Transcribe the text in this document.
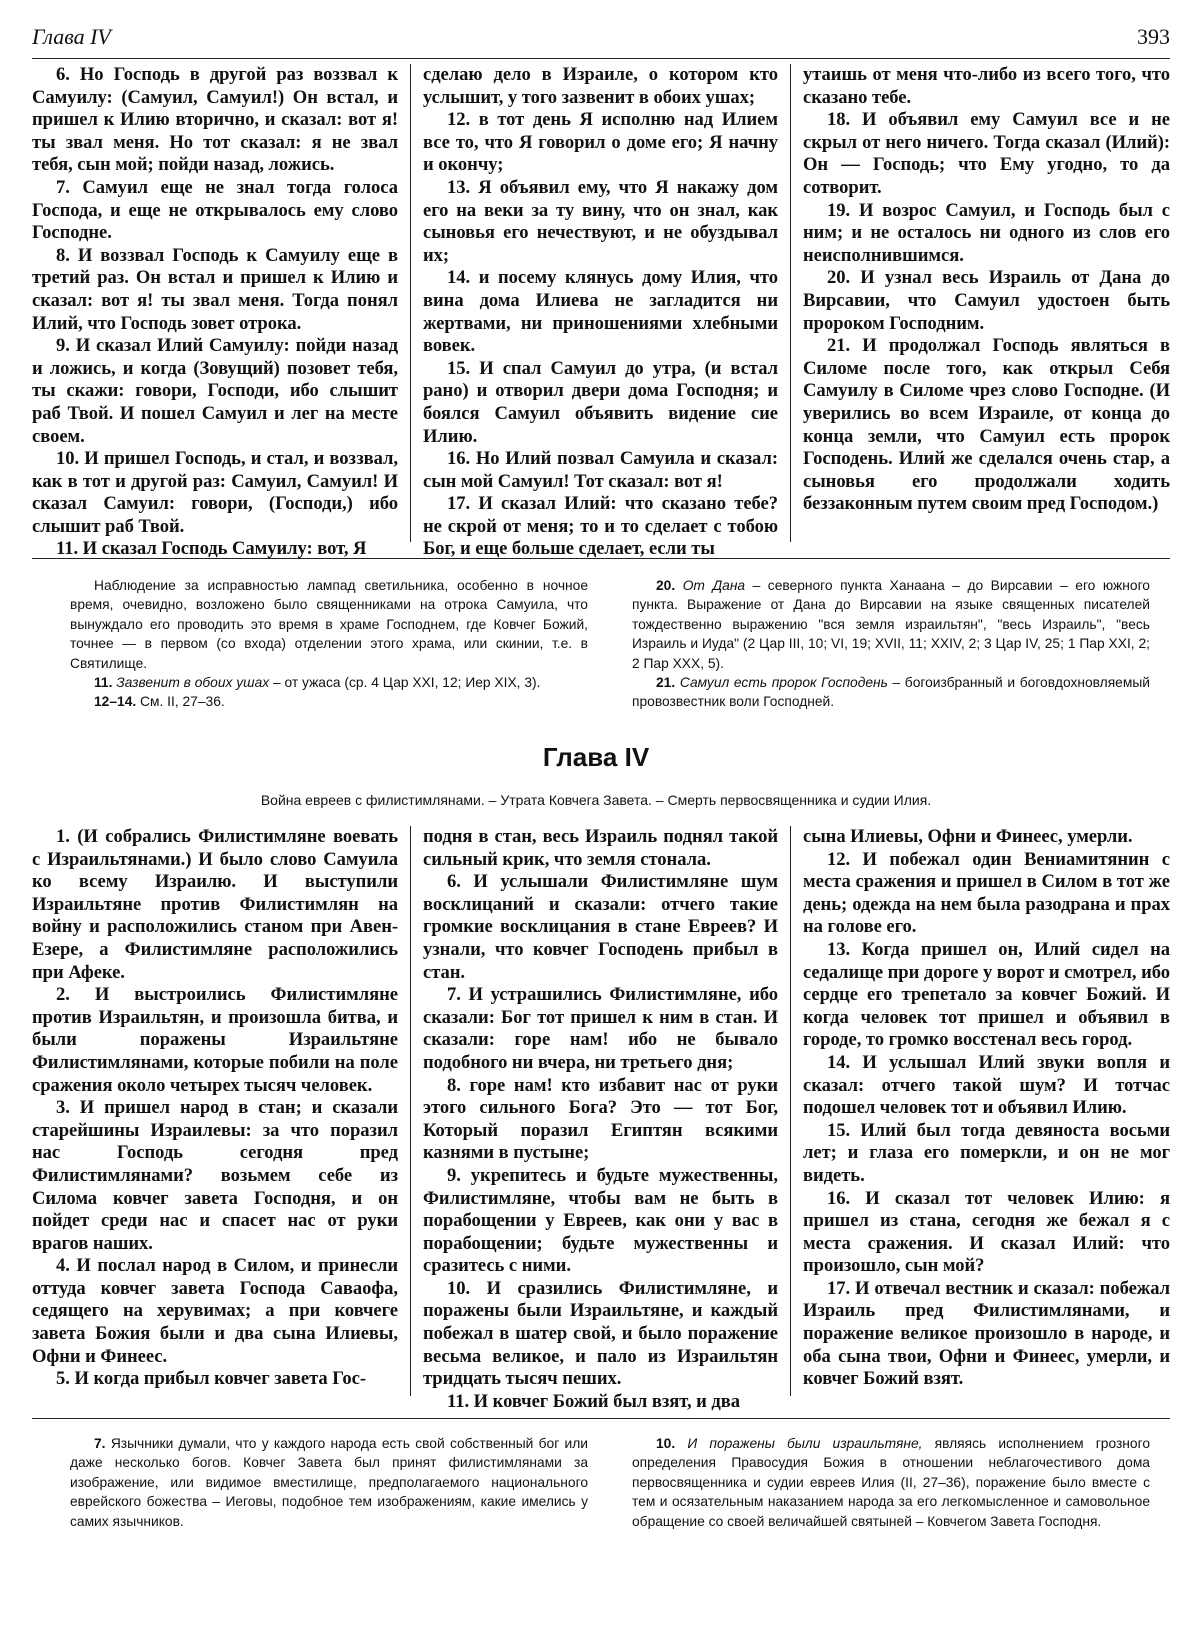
Глава IV	393

6. Но Господь в другой раз воззвал к Самуилу: (Самуил, Самуил!) Он встал, и пришел к Илию вторично, и сказал: вот я! ты звал меня. Но тот сказал: я не звал тебя, сын мой; пойди назад, ложись.

7. Самуил еще не знал тогда голоса Господа, и еще не открывалось ему слово Господне.

8. И воззвал Господь к Самуилу еще в третий раз. Он встал и пришел к Илию и сказал: вот я! ты звал меня. Тогда понял Илий, что Господь зовет отрока.

9. И сказал Илий Самуилу: пойди назад и ложись, и когда (Зовущий) позовет тебя, ты скажи: говори, Господи, ибо слышит раб Твой. И пошел Самуил и лег на месте своем.

10. И пришел Господь, и стал, и воззвал, как в тот и другой раз: Самуил, Самуил! И сказал Самуил: говори, (Господи,) ибо слышит раб Твой.

11. И сказал Господь Самуилу: вот, Я

сделаю дело в Израиле, о котором кто услышит, у того зазвенит в обоих ушах;

12. в тот день Я исполню над Илием все то, что Я говорил о доме его; Я начну и окончу;

13. Я объявил ему, что Я накажу дом его на веки за ту вину, что он знал, как сыновья его нечествуют, и не обуздывал их;

14. и посему клянусь дому Илия, что вина дома Илиева не загладится ни жертвами, ни приношениями хлебными вовек.

15. И спал Самуил до утра, (и встал рано) и отворил двери дома Господня; и боялся Самуил объявить видение сие Илию.

16. Но Илий позвал Самуила и сказал: сын мой Самуил! Тот сказал: вот я!

17. И сказал Илий: что сказано тебе? не скрой от меня; то и то сделает с тобою Бог, и еще больше сделает, если ты

утаишь от меня что-либо из всего того, что сказано тебе.

18. И объявил ему Самуил все и не скрыл от него ничего. Тогда сказал (Илий): Он — Господь; что Ему угодно, то да сотворит.

19. И возрос Самуил, и Господь был с ним; и не осталось ни одного из слов его неисполнившимся.

20. И узнал весь Израиль от Дана до Вирсавии, что Самуил удостоен быть пророком Господним.

21. И продолжал Господь являться в Силоме после того, как открыл Себя Самуилу в Силоме чрез слово Господне. (И уверились во всем Израиле, от конца до конца земли, что Самуил есть пророк Господень. Илий же сделался очень стар, а сыновья его продолжали ходить беззаконным путем своим пред Господом.)

Наблюдение за исправностью лампад светильника, особенно в ночное время, очевидно, возложено было священниками на отрока Самуила, что вынуждало его проводить это время в храме Господнем, где Ковчег Божий, точнее — в первом (со входа) отделении этого храма, или скинии, т.е. в Святилище.

11. Зазвенит в обоих ушах – от ужаса (ср. 4 Цар XXI, 12; Иер XIX, 3).

12–14. См. II, 27–36.

20. От Дана – северного пункта Ханаана – до Вирсавии – его южного пункта. Выражение от Дана до Вирсавии на языке священных писателей тождественно выражению "вся земля израильтян", "весь Израиль", "весь Израиль и Иуда" (2 Цар III, 10; VI, 19; XVII, 11; XXIV, 2; 3 Цар IV, 25; 1 Пар XXI, 2; 2 Пар XXX, 5).

21. Самуил есть пророк Господень – богоизбранный и боговдохновляемый провозвестник воли Господней.

Глава IV
Война евреев с филистимлянами. – Утрата Ковчега Завета. – Смерть первосвященника и судии Илия.

1. (И собрались Филистимляне воевать с Израильтянами.) И было слово Самуила ко всему Израилю. И выступили Израильтяне против Филистимлян на войну и расположились станом при Авен-Езере, а Филистимляне расположились при Афеке.

2. И выстроились Филистимляне против Израильтян, и произошла битва, и были поражены Израильтяне Филистимлянами, которые побили на поле сражения около четырех тысяч человек.

3. И пришел народ в стан; и сказали старейшины Израилевы: за что поразил нас Господь сегодня пред Филистимлянами? возьмем себе из Силома ковчег завета Господня, и он пойдет среди нас и спасет нас от руки врагов наших.

4. И послал народ в Силом, и принесли оттуда ковчег завета Господа Саваофа, седящего на херувимах; а при ковчеге завета Божия были и два сына Илиевы, Офни и Финеес.

5. И когда прибыл ковчег завета Гос-

подня в стан, весь Израиль поднял такой сильный крик, что земля стонала.

6. И услышали Филистимляне шум восклицаний и сказали: отчего такие громкие восклицания в стане Евреев? И узнали, что ковчег Господень прибыл в стан.

7. И устрашились Филистимляне, ибо сказали: Бог тот пришел к ним в стан. И сказали: горе нам! ибо не бывало подобного ни вчера, ни третьего дня;

8. горе нам! кто избавит нас от руки этого сильного Бога? Это — тот Бог, Который поразил Египтян всякими казнями в пустыне;

9. укрепитесь и будьте мужественны, Филистимляне, чтобы вам не быть в порабощении у Евреев, как они у вас в порабощении; будьте мужественны и сразитесь с ними.

10. И сразились Филистимляне, и поражены были Израильтяне, и каждый побежал в шатер свой, и было поражение весьма великое, и пало из Израильтян тридцать тысяч пеших.

11. И ковчег Божий был взят, и два

сына Илиевы, Офни и Финеес, умерли.

12. И побежал один Вениамитянин с места сражения и пришел в Силом в тот же день; одежда на нем была разодрана и прах на голове его.

13. Когда пришел он, Илий сидел на седалище при дороге у ворот и смотрел, ибо сердце его трепетало за ковчег Божий. И когда человек тот пришел и объявил в городе, то громко восстенал весь город.

14. И услышал Илий звуки вопля и сказал: отчего такой шум? И тотчас подошел человек тот и объявил Илию.

15. Илий был тогда девяноста восьми лет; и глаза его померкли, и он не мог видеть.

16. И сказал тот человек Илию: я пришел из стана, сегодня же бежал я с места сражения. И сказал Илий: что произошло, сын мой?

17. И отвечал вестник и сказал: побежал Израиль пред Филистимлянами, и поражение великое произошло в народе, и оба сына твои, Офни и Финеес, умерли, и ковчег Божий взят.

7. Язычники думали, что у каждого народа есть свой собственный бог или даже несколько богов. Ковчег Завета был принят филистимлянами за изображение, или видимое вместилище, предполагаемого национального еврейского божества – Иеговы, подобное тем изображениям, какие имелись у самих язычников.

10. И поражены были израильтяне, являясь исполнением грозного определения Правосудия Божия в отношении неблагочестивого дома первосвященника и судии евреев Илия (II, 27–36), поражение было вместе с тем и осязательным наказанием народа за его легкомысленное и самовольное обращение со своей величайшей святыней – Ковчегом Завета Господня.
